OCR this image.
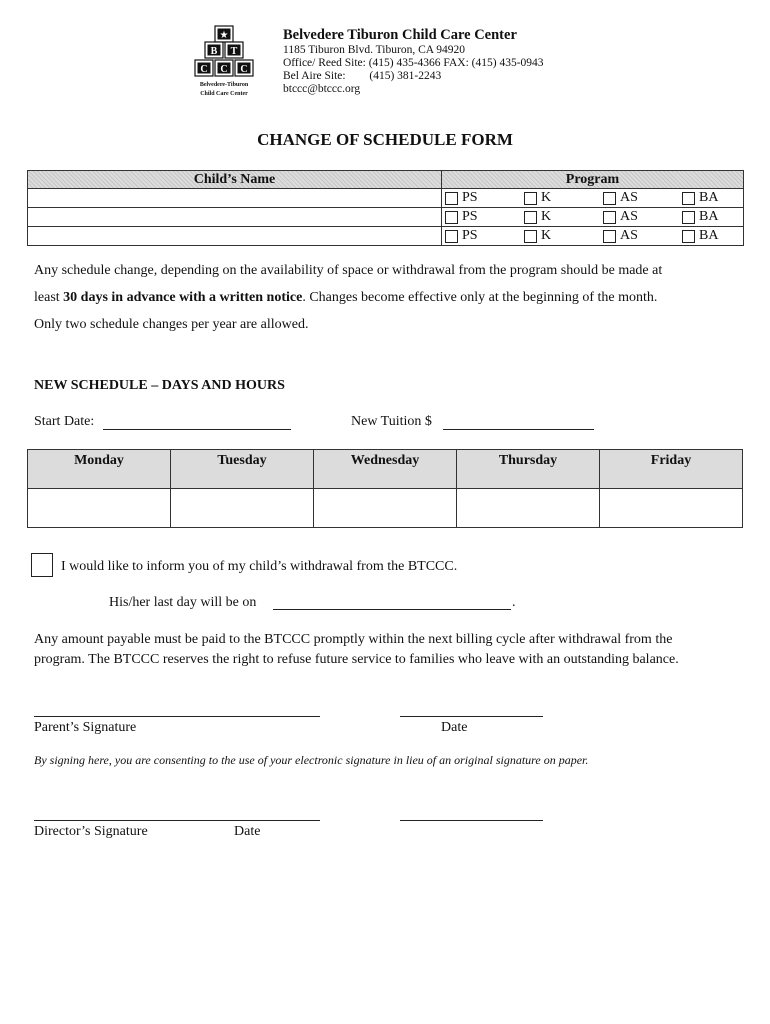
★
B T
C C C
Belvedere-Tiburon
Child Care Center
Belvedere Tiburon Child Care Center
1185 Tiburon Blvd. Tiburon, CA 94920
Office/ Reed Site: (415) 435-4366 FAX: (415) 435-0943
Bel Aire Site: (415) 381-2243
btccc@btccc.org
CHANGE OF SCHEDULE FORM
Child’s Name	Program

	PS K AS BA

	PS K AS BA

	PS K AS BA
Any schedule change, depending on the availability of space or withdrawal from the program should be made at
least 30 days in advance with a written notice. Changes become effective only at the beginning of the month.
Only two schedule changes per year are allowed.
NEW SCHEDULE – DAYS AND HOURS
Start Date:	New Tuition $
Monday	Tuesday	Wednesday	Thursday	Friday

I would like to inform you of my child’s withdrawal from the BTCCC.
His/her last day will be on	.
Any amount payable must be paid to the BTCCC promptly within the next billing cycle after withdrawal from the
program. The BTCCC reserves the right to refuse future service to families who leave with an outstanding balance.
Parent’s Signature	Date
By signing here, you are consenting to the use of your electronic signature in lieu of an original signature on paper.
Director’s Signature	Date
